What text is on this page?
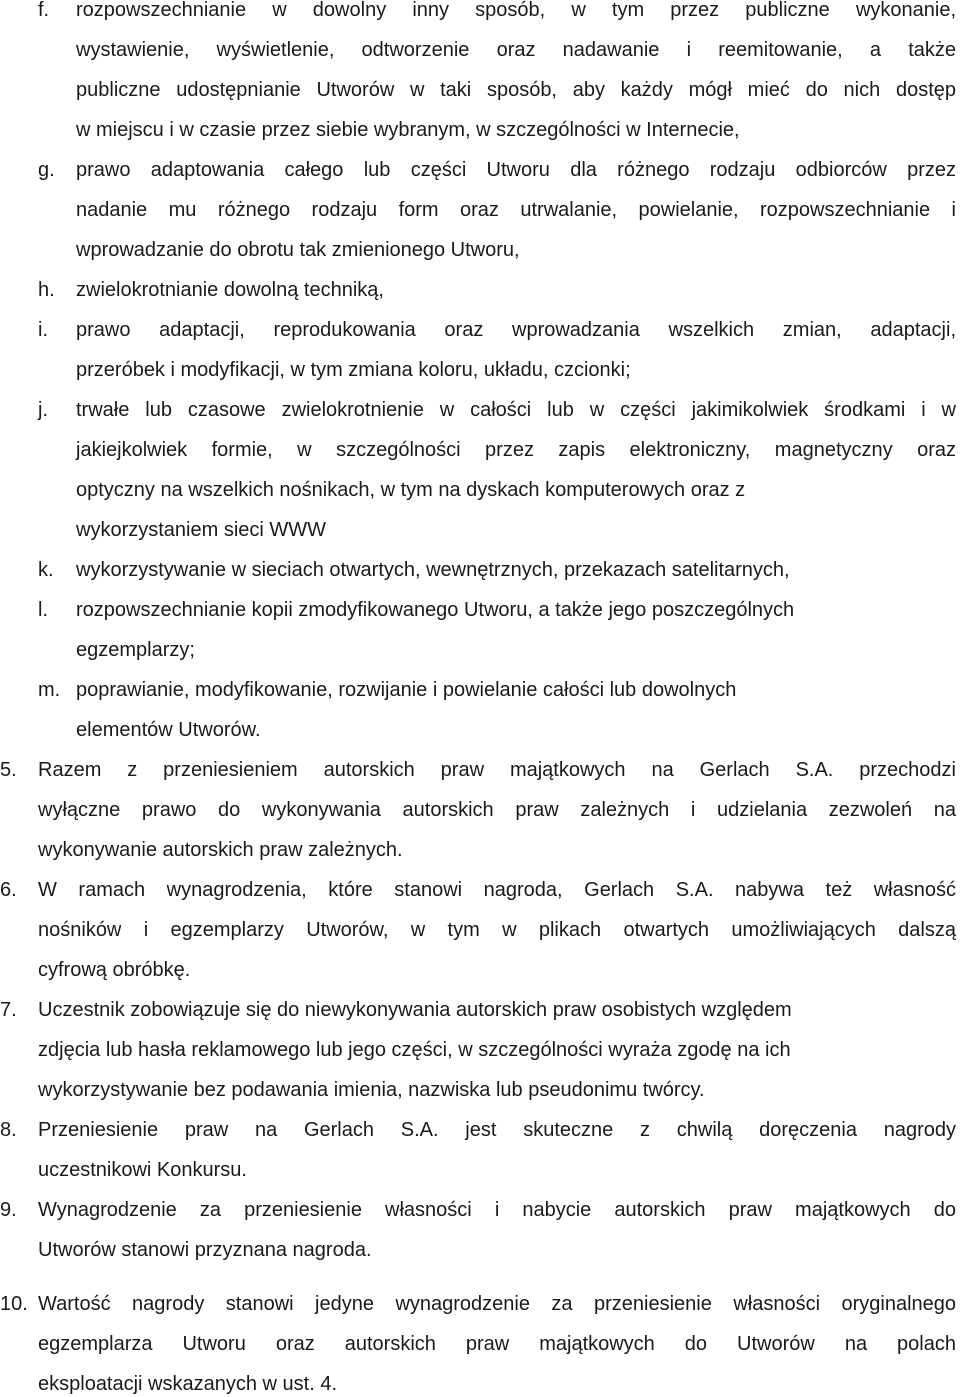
f. rozpowszechnianie w dowolny inny sposób, w tym przez publiczne wykonanie,
wystawienie, wyświetlenie, odtworzenie oraz nadawanie i reemitowanie, a także
publiczne udostępnianie Utworów w taki sposób, aby każdy mógł mieć do nich dostęp
w miejscu i w czasie przez siebie wybranym, w szczególności w Internecie,
g. prawo adaptowania całego lub części Utworu dla różnego rodzaju odbiorców przez
nadanie mu różnego rodzaju form oraz utrwalanie, powielanie, rozpowszechnianie i
wprowadzanie do obrotu tak zmienionego Utworu,
h. zwielokrotnianie dowolną techniką,
i. prawo adaptacji, reprodukowania oraz wprowadzania wszelkich zmian, adaptacji,
przeróbek i modyfikacji, w tym zmiana koloru, układu, czcionki;
j. trwałe lub czasowe zwielokrotnienie w całości lub w części jakimikolwiek środkami i w
jakiejkolwiek formie, w szczególności przez zapis elektroniczny, magnetyczny oraz
optyczny na wszelkich nośnikach, w tym na dyskach komputerowych oraz z
wykorzystaniem sieci WWW
k. wykorzystywanie w sieciach otwartych, wewnętrznych, przekazach satelitarnych,
l. rozpowszechnianie kopii zmodyfikowanego Utworu, a także jego poszczególnych
egzemplarzy;
m. poprawianie, modyfikowanie, rozwijanie i powielanie całości lub dowolnych
elementów Utworów.
5. Razem z przeniesieniem autorskich praw majątkowych na Gerlach S.A. przechodzi
wyłączne prawo do wykonywania autorskich praw zależnych i udzielania zezwoleń na
wykonywanie autorskich praw zależnych.
6. W ramach wynagrodzenia, które stanowi nagroda, Gerlach S.A. nabywa też własność
nośników i egzemplarzy Utworów, w tym w plikach otwartych umożliwiających dalszą
cyfrową obróbkę.
7. Uczestnik zobowiązuje się do niewykonywania autorskich praw osobistych względem
zdjęcia lub hasła reklamowego lub jego części, w szczególności wyraża zgodę na ich
wykorzystywanie bez podawania imienia, nazwiska lub pseudonimu twórcy.
8. Przeniesienie praw na Gerlach S.A. jest skuteczne z chwilą doręczenia nagrody
uczestnikowi Konkursu.
9. Wynagrodzenie za przeniesienie własności i nabycie autorskich praw majątkowych do
Utworów stanowi przyznana nagroda.
10. Wartość nagrody stanowi jedyne wynagrodzenie za przeniesienie własności oryginalnego
egzemplarza Utworu oraz autorskich praw majątkowych do Utworów na polach
eksploatacji wskazanych w ust. 4.
